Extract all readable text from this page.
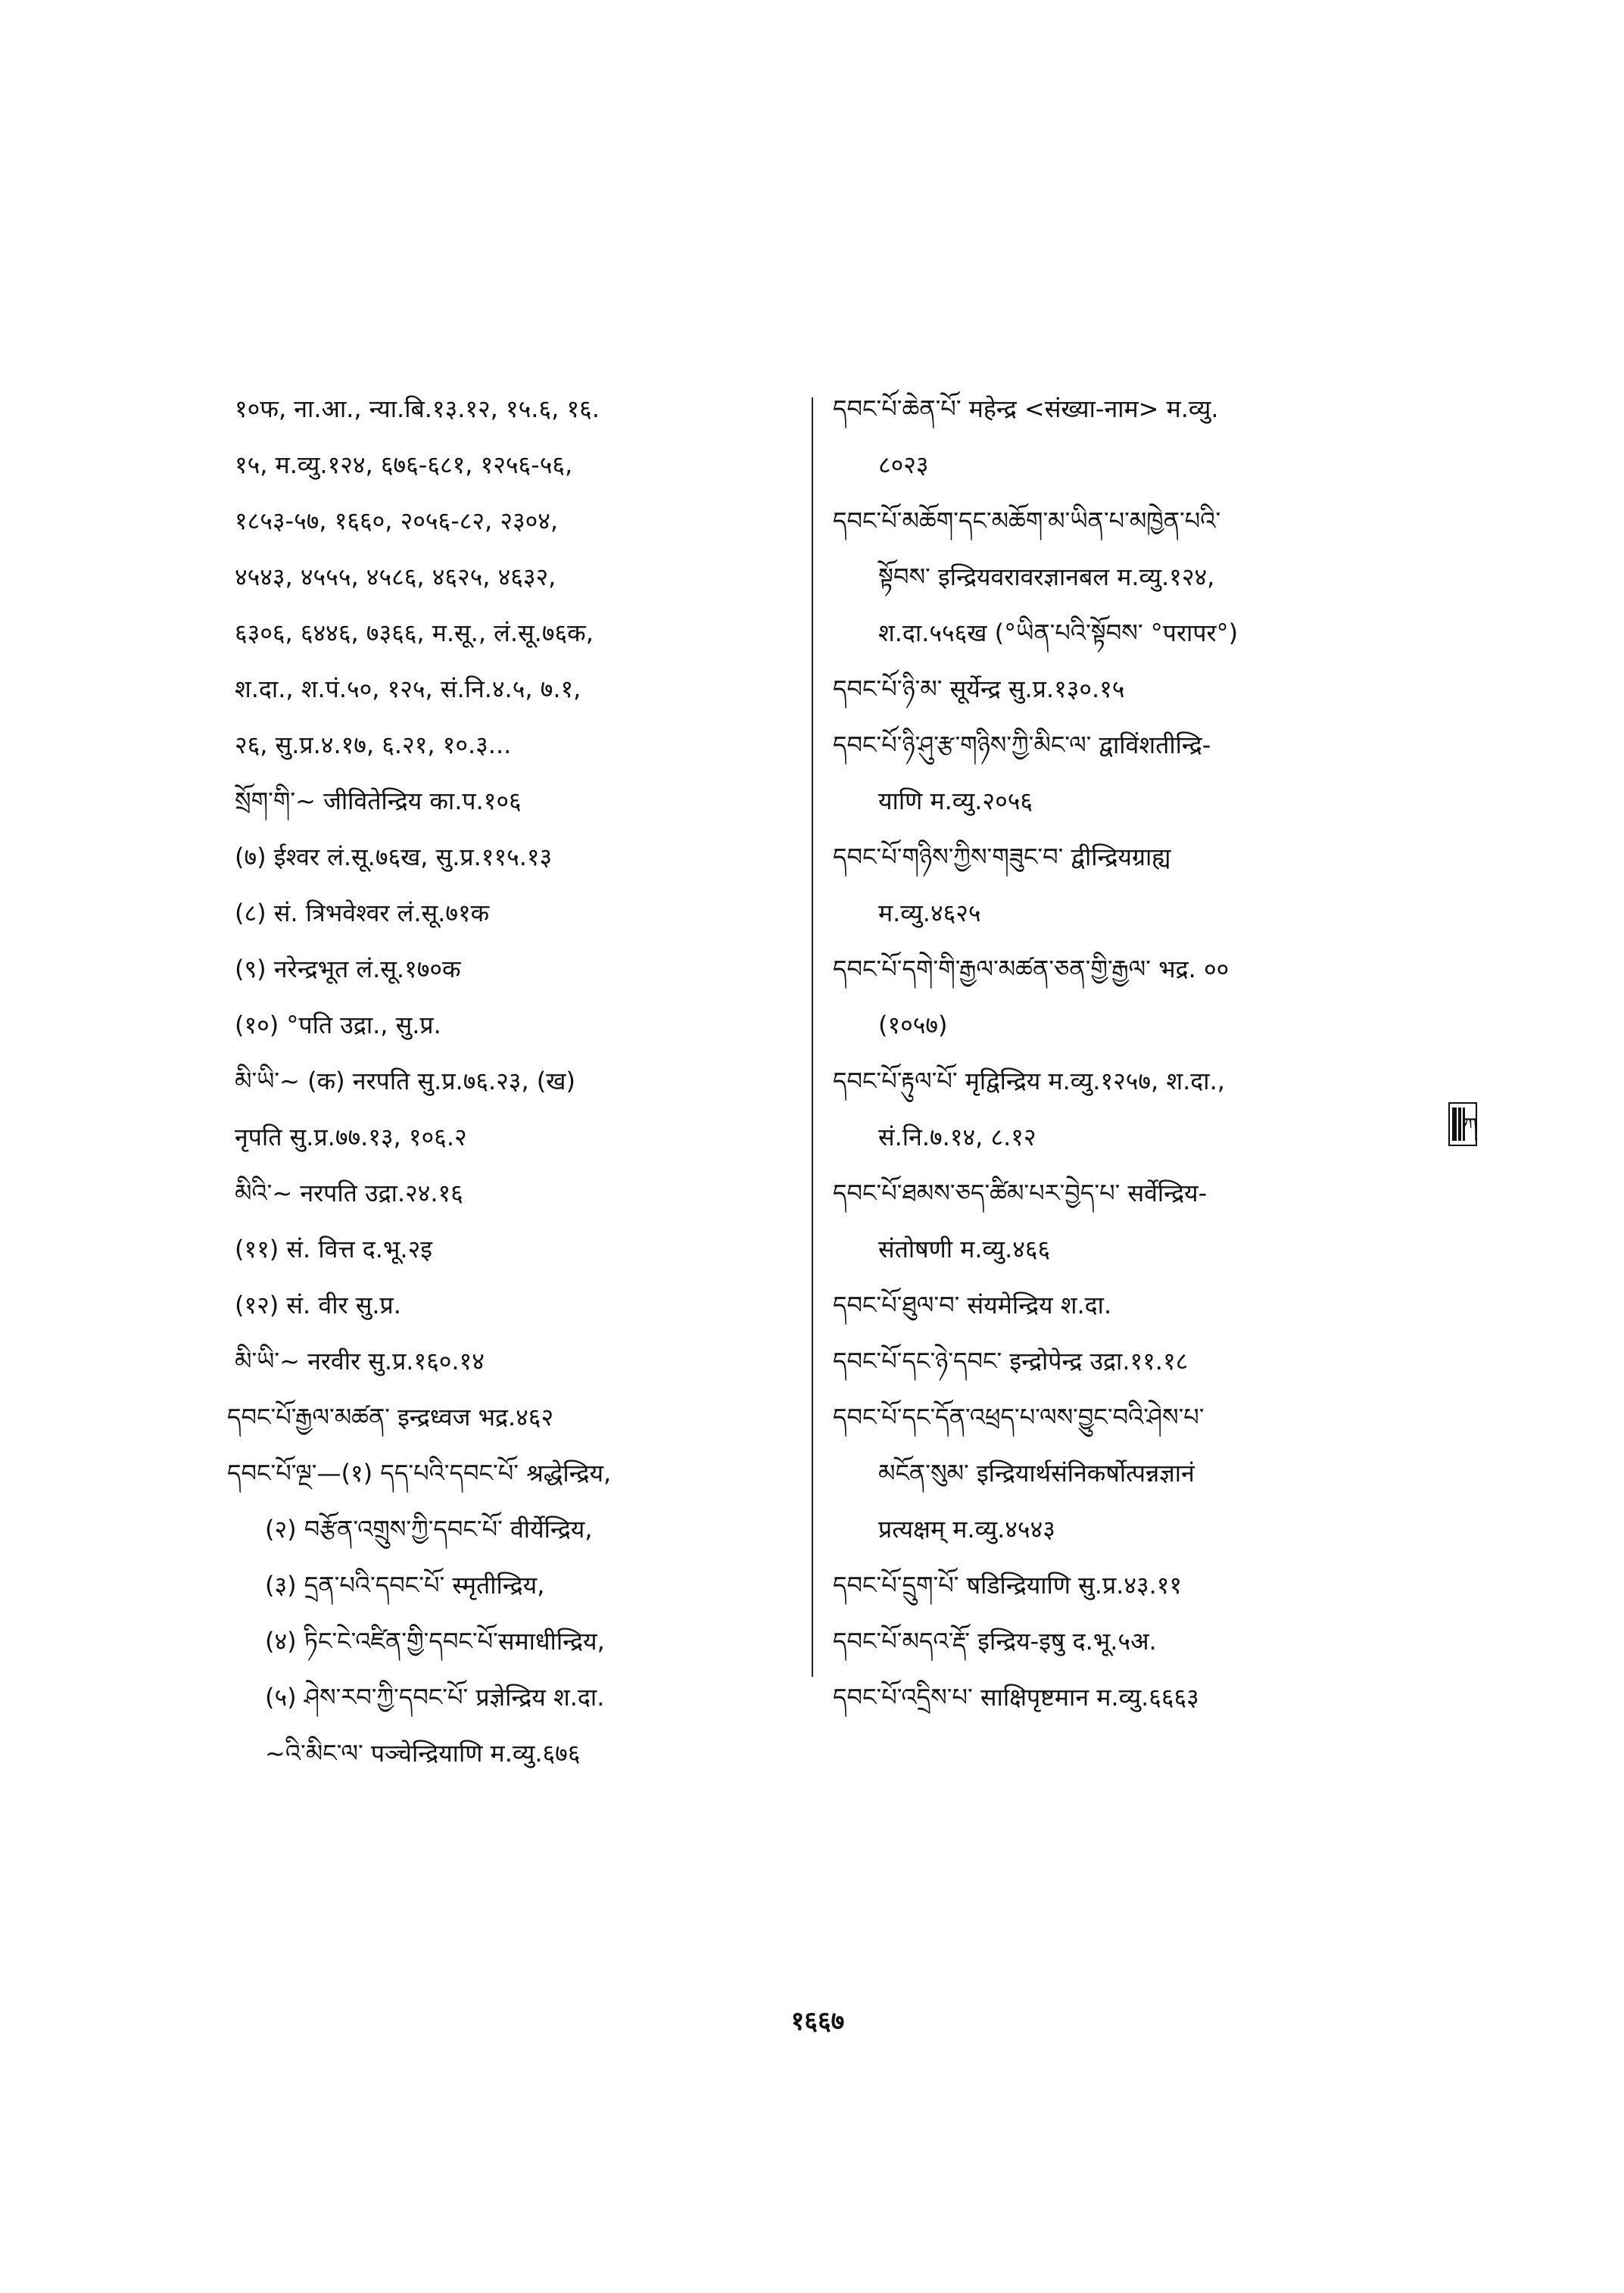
१०फ, ना.आ., न्या.बि.१३.१२, १५.६, १६.
१५, म.व्यु.१२४, ६७६-६८१, १२५६-५६,
१८५३-५७, १६६०, २०५६-८२, २३०४,
४५४३, ४५५५, ४५८६, ४६२५, ४६३२,
६३०६, ६४४६, ७३६६, म.सू., लं.सू.७६क,
श.दा., श.पं.५०, १२५, सं.नि.४.५, ७.१,
२६, सु.प्र.४.१७, ६.२१, १०.३...
སྲོག་གི་~ जीवितेन्द्रिय का.प.१०६
(७) ईश्वर लं.सू.७६ख, सु.प्र.११५.१३
(८) सं. त्रिभवेश्वर लं.सू.७१क
(९) नरेन्द्रभूत लं.सू.१७०क
(१०) °पति उद्रा., सु.प्र.
མི་ཡི་~ (क) नरपति सु.प्र.७६.२३, (ख)
नृपति सु.प्र.७७.१३, १०६.२
མིའི་~ नरपति उद्रा.२४.१६
(११) सं. वित्त द.भू.२इ
(१२) सं. वीर सु.प्र.
མི་ཡི་~ नरवीर सु.प्र.१६०.१४
དབང་པོ་རྒྱལ་མཚན་ इन्द्रध्वज भद्र.४६२
དབང་པོ་ལྔ་—(१) དད་པའི་དབང་པོ་ श्रद्धेन्द्रिय,
(२) བརྩོན་འགྲུས་ཀྱི་དབང་པོ་ वीर्येन्द्रिय,
(३) དྲན་པའི་དབང་པོ་ स्मृतीन्द्रिय,
(४) ཏིང་ངེ་འཛིན་གྱི་དབང་པོ་समाधीन्द्रिय,
(५) ཤེས་རབ་ཀྱི་དབང་པོ་ प्रज्ञेन्द्रिय श.दा.
~འི་མིང་ལ་ पञ्चेन्द्रियाणि म.व्यु.६७६
དབང་པོ་ཆེན་པོ་ महेन्द्र <संख्या-नाम> म.व्यु.
८०२३
དབང་པོ་མཆོག་དང་མཆོག་མ་ཡིན་པ་མཁྱེན་པའི་
སྟོབས་ इन्द्रियवरावरज्ञानबल म.व्यु.१२४,
श.दा.५५६ख (°ཡིན་པའི་སྟོབས་ °परापर°)
དབང་པོ་ཉི་མ་ सूर्येन्द्र सु.प्र.१३०.१५
དབང་པོ་ཉི་ཤུ་རྩ་གཉིས་ཀྱི་མིང་ལ་ द्वाविंशतीन्द्रि-
याणि म.व्यु.२०५६
དབང་པོ་གཉིས་ཀྱིས་གཟུང་བ་ द्वीन्द्रियग्राह्य
म.व्यु.४६२५
དབང་པོ་དགེ་གི་རྒྱལ་མཚན་ཅན་གྱི་རྒྱལ་ भद्र. ००
(१०५७)
དབང་པོ་རྟུལ་པོ་ मृद्विन्द्रिय म.व्यु.१२५७, श.दा.,
सं.नि.७.१४, ८.१२
དབང་པོ་ཐམས་ཅད་ཚིམ་པར་བྱེད་པ་ सर्वेन्द्रिय-
संतोषणी म.व्यु.४६६
དབང་པོ་ཐུལ་བ་ संयमेन्द्रिय श.दा.
དབང་པོ་དང་ཉེ་དབང་ इन्द्रोपेन्द्र उद्रा.११.१८
དབང་པོ་དང་དོན་འཕྲད་པ་ལས་བྱུང་བའི་ཤེས་པ་
མངོན་སུམ་ इन्द्रियार्थसंनिकर्षोत्पन्नज्ञानं
प्रत्यक्षम् म.व्यु.४५४३
དབང་པོ་དྲུག་པོ་ षडिन्द्रियाणि सु.प्र.४३.११
དབང་པོ་མདའ་རྡོ་ इन्द्रिय-इषु द.भू.५अ.
དབང་པོ་འདྲིས་པ་ साक्षिपृष्टमान म.व्यु.६६६३
ཀ
१६६७
